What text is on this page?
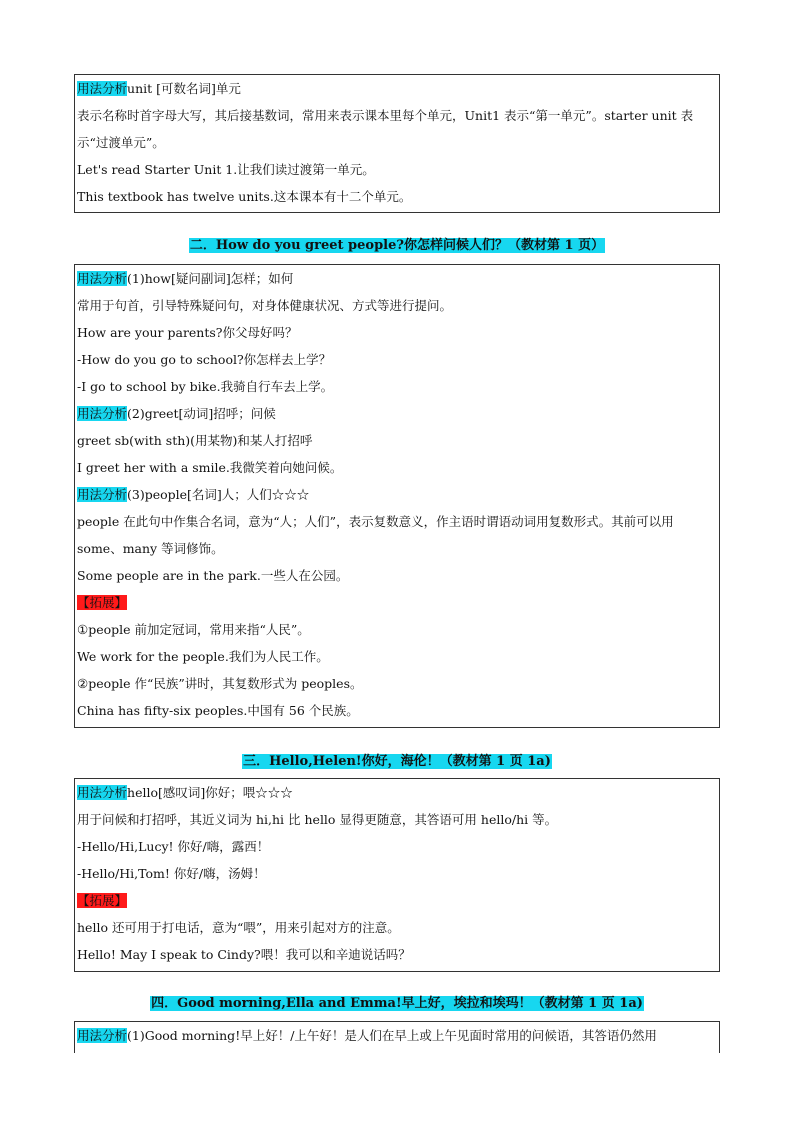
用法分析unit [可数名词]单元
表示名称时首字母大写，其后接基数词，常用来表示课本里每个单元，Unit1 表示“第一单元”。starter unit 表示“过渡单元”。
Let's read Starter Unit 1.让我们读过渡第一单元。
This textbook has twelve units.这本课本有十二个单元。
二．How do you greet people?你怎样问候人们？（教材第 1 页）
用法分析(1)how[疑问副词]怎样；如何
常用于句首，引导特殊疑问句，对身体健康状况、方式等进行提问。
How are your parents?你父母好吗？
-How do you go to school?你怎样去上学？
-I go to school by bike.我骑自行车去上学。
用法分析(2)greet[动词]招呼；问候
greet sb(with sth)(用某物)和某人打招呼
I greet her with a smile.我微笑着向她问候。
用法分析(3)people[名词]人；人们☆☆☆
people 在此句中作集合名词，意为“人；人们”，表示复数意义，作主语时谓语动词用复数形式。其前可以用 some、many 等词修饰。
Some people are in the park.一些人在公园。
【拓展】
①people 前加定冠词，常用来指“人民”。
We work for the people.我们为人民工作。
②people 作“民族”讲时，其复数形式为 peoples。
China has fifty-six peoples.中国有 56 个民族。
三．Hello,Helen!你好，海伦！（教材第 1 页 1a)
用法分析hello[感叹词]你好；喂☆☆☆
用于问候和打招呼，其近义词为 hi,hi 比 hello 显得更随意，其答语可用 hello/hi 等。
-Hello/Hi,Lucy! 你好/嗨，露西！
-Hello/Hi,Tom! 你好/嗨，汤姆！
【拓展】
hello 还可用于打电话，意为“喂”，用来引起对方的注意。
Hello! May I speak to Cindy?喂！我可以和辛迪说话吗？
四．Good morning,Ella and Emma!早上好，埃拉和埃玛！（教材第 1 页 1a)
用法分析(1)Good morning!早上好！/上午好！是人们在早上或上午见面时常用的问候语，其答语仍然用
